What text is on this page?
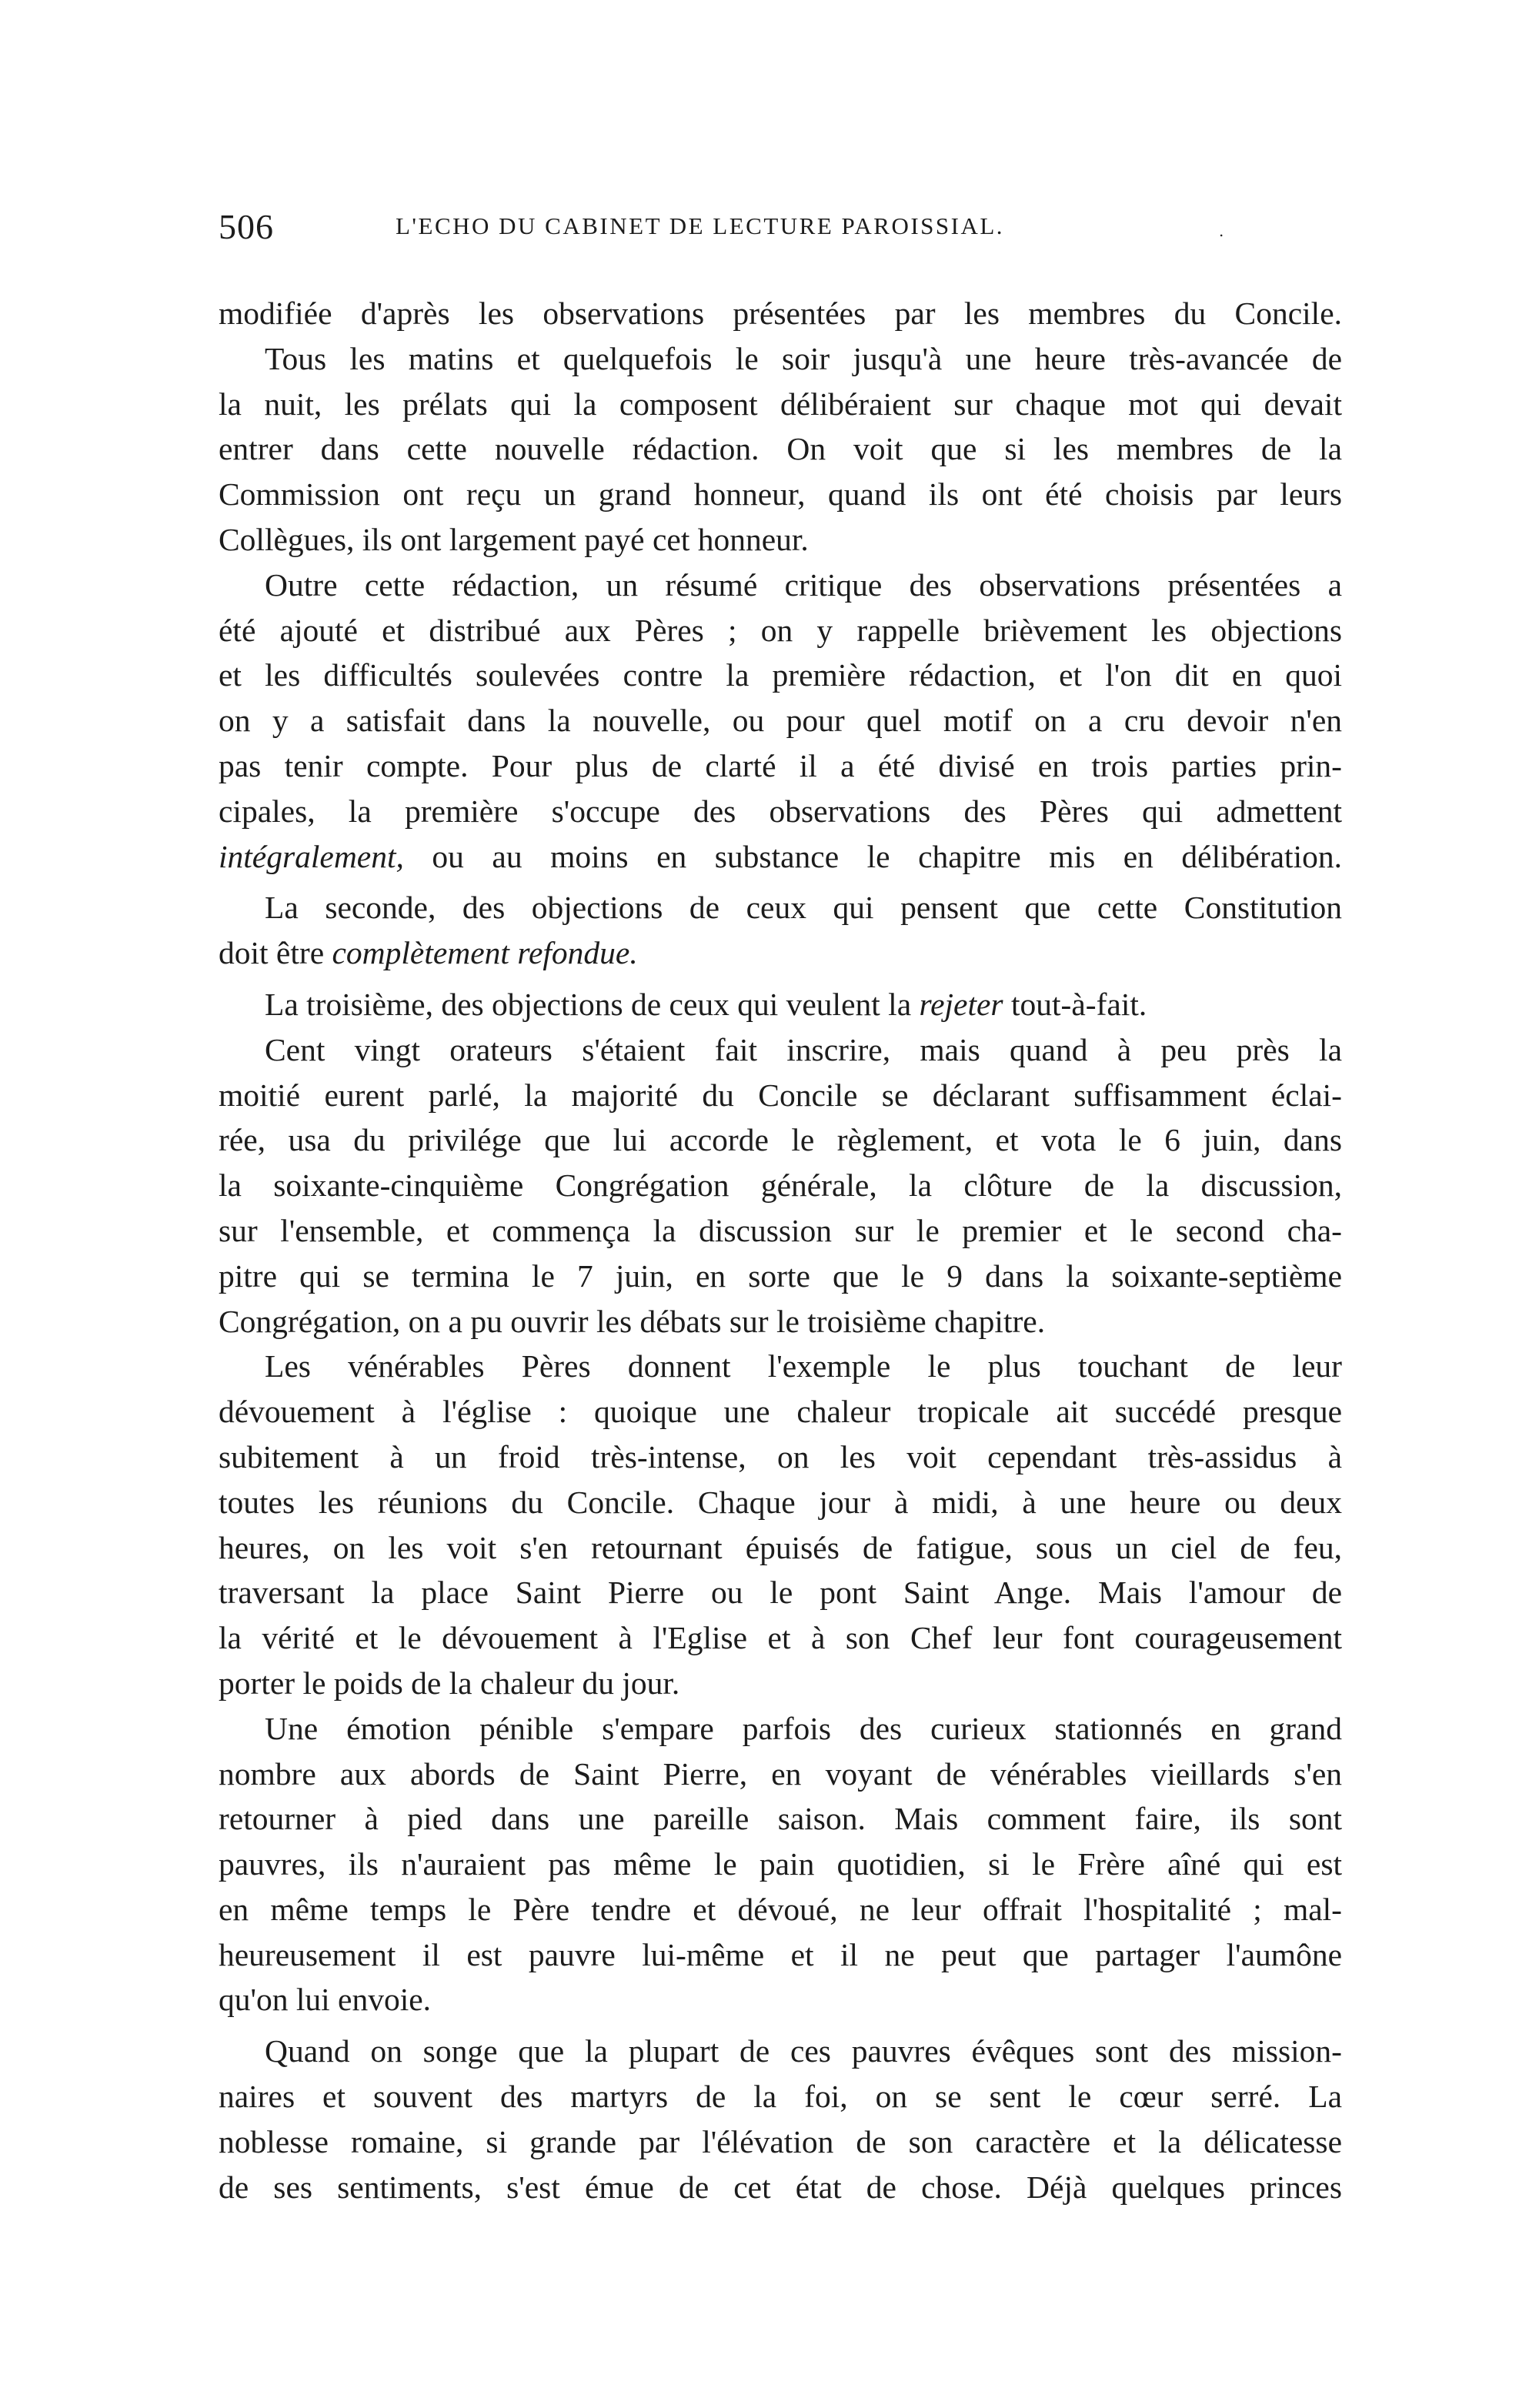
506	L'ECHO DU CABINET DE LECTURE PAROISSIAL.	.
modifiée d'après les observations présentées par les membres du Concile.
Tous les matins et quelquefois le soir jusqu'à une heure très-avancée de
la nuit, les prélats qui la composent délibéraient sur chaque mot qui devait
entrer dans cette nouvelle rédaction. On voit que si les membres de la
Commission ont reçu un grand honneur, quand ils ont été choisis par leurs
Collègues, ils ont largement payé cet honneur.
Outre cette rédaction, un résumé critique des observations présentées a
été ajouté et distribué aux Pères ; on y rappelle brièvement les objections
et les difficultés soulevées contre la première rédaction, et l'on dit en quoi
on y a satisfait dans la nouvelle, ou pour quel motif on a cru devoir n'en
pas tenir compte. Pour plus de clarté il a été divisé en trois parties prin-
cipales, la première s'occupe des observations des Pères qui admettent
intégralement, ou au moins en substance le chapitre mis en délibération.
La seconde, des objections de ceux qui pensent que cette Constitution
doit être complètement refondue.
La troisième, des objections de ceux qui veulent la rejeter tout-à-fait.
Cent vingt orateurs s'étaient fait inscrire, mais quand à peu près la
moitié eurent parlé, la majorité du Concile se déclarant suffisamment éclai-
rée, usa du privilége que lui accorde le règlement, et vota le 6 juin, dans
la soixante-cinquième Congrégation générale, la clôture de la discussion,
sur l'ensemble, et commença la discussion sur le premier et le second cha-
pitre qui se termina le 7 juin, en sorte que le 9 dans la soixante-septième
Congrégation, on a pu ouvrir les débats sur le troisième chapitre.
Les vénérables Pères donnent l'exemple le plus touchant de leur
dévouement à l'église : quoique une chaleur tropicale ait succédé presque
subitement à un froid très-intense, on les voit cependant très-assidus à
toutes les réunions du Concile. Chaque jour à midi, à une heure ou deux
heures, on les voit s'en retournant épuisés de fatigue, sous un ciel de feu,
traversant la place Saint Pierre ou le pont Saint Ange. Mais l'amour de
la vérité et le dévouement à l'Eglise et à son Chef leur font courageusement
porter le poids de la chaleur du jour.
Une émotion pénible s'empare parfois des curieux stationnés en grand
nombre aux abords de Saint Pierre, en voyant de vénérables vieillards s'en
retourner à pied dans une pareille saison. Mais comment faire, ils sont
pauvres, ils n'auraient pas même le pain quotidien, si le Frère aîné qui est
en même temps le Père tendre et dévoué, ne leur offrait l'hospitalité ; mal-
heureusement il est pauvre lui-même et il ne peut que partager l'aumône
qu'on lui envoie.
Quand on songe que la plupart de ces pauvres évêques sont des mission-
naires et souvent des martyrs de la foi, on se sent le cœur serré. La
noblesse romaine, si grande par l'élévation de son caractère et la délicatesse
de ses sentiments, s'est émue de cet état de chose. Déjà quelques princes
